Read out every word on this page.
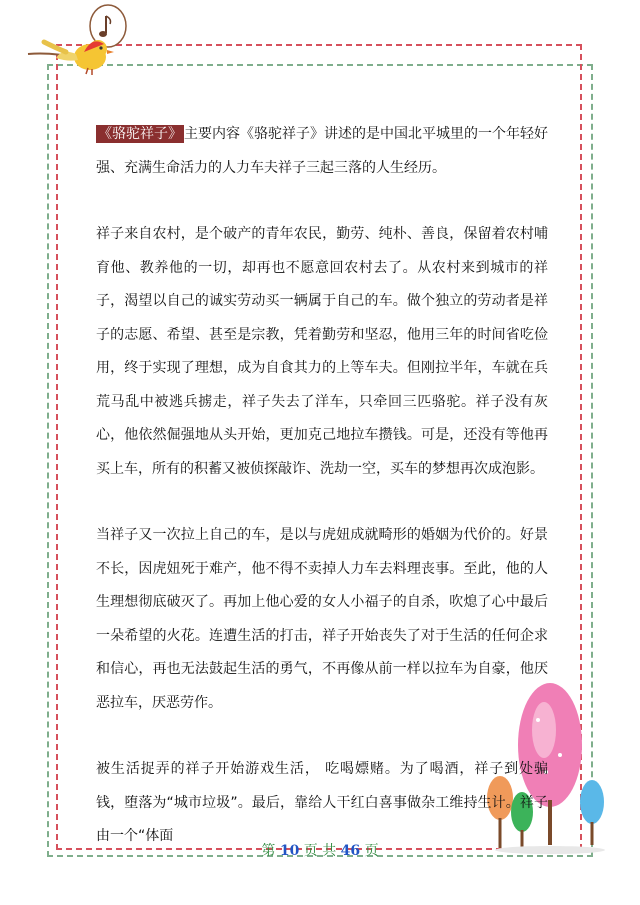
《骆驼祥子》 主要内容《骆驼祥子》讲述的是中国北平城里的一个年轻好强、充满生命活力的人力车夫祥子三起三落的人生经历。

祥子来自农村，是个破产的青年农民，勤劳、纯朴、善良，保留着农村哺育他、教养他的一切，却再也不愿意回农村去了。从农村来到城市的祥子，渴望以自己的诚实劳动买一辆属于自己的车。做个独立的劳动者是祥子的志愿、希望、甚至是宗教，凭着勤劳和坚忍，他用三年的时间省吃俭用，终于实现了理想，成为自食其力的上等车夫。但刚拉半年，车就在兵荒马乱中被逃兵掳走，祥子失去了洋车，只牵回三匹骆驼。祥子没有灰心，他依然倔强地从头开始，更加克己地拉车攒钱。可是，还没有等他再买上车，所有的积蓄又被侦探敲诈、洗劫一空，买车的梦想再次成泡影。

当祥子又一次拉上自己的车，是以与虎妞成就畸形的婚姻为代价的。好景不长，因虎妞死于难产，他不得不卖掉人力车去料理丧事。至此，他的人生理想彻底破灭了。再加上他心爱的女人小福子的自杀，吹熄了心中最后一朵希望的火花。连遭生活的打击，祥子开始丧失了对于生活的任何企求和信心，再也无法鼓起生活的勇气，不再像从前一样以拉车为自豪，他厌恶拉车，厌恶劳作。

被生活捉弄的祥子开始游戏生活， 吃喝嫖赌。为了喝酒，祥子到处骗钱，堕落为“城市垃圾”。最后，靠给人干红白喜事做杂工维持生计。祥子由一个“体面

第 10 页 共 46 页
